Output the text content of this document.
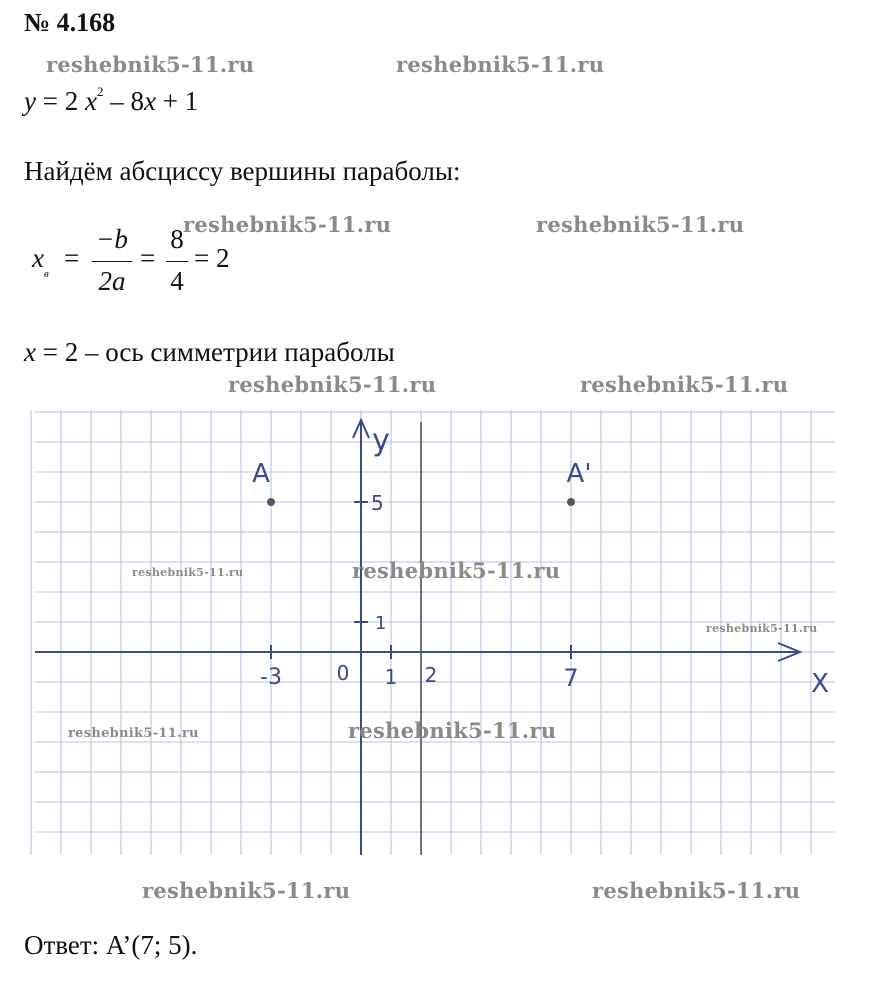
№ 4.168
reshebnik5-11.ru	reshebnik5-11.ru
y = 2 $x^2 - 8x + 1$
Найдём абсциссу вершины параболы:
reshebnik5-11.ru	reshebnik5-11.ru
$x_в$
=
−b
2a
=
8
4
= 2
x = 2 – ось симметрии параболы
reshebnik5-11.ru	reshebnik5-11.ru
-3	0 1 2	7
1
5
X
y
A	A'
reshebnik5-11.ru	reshebnik5-11.ru
reshebnik5-11.ru
reshebnik5-11.ru	reshebnik5-11.ru
reshebnik5-11.ru	reshebnik5-11.ru
Ответ: A’(7; 5).
